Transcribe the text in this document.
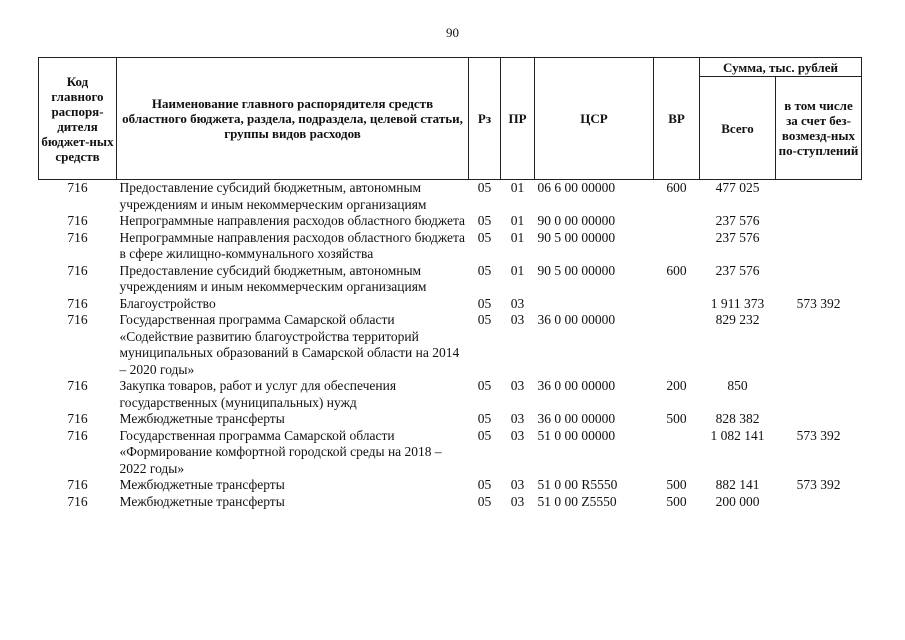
90
Код главного распоря-дителя бюджет-ных средств	Наименование главного распорядителя средств областного бюджета, раздела, подраздела, целевой статьи, группы видов расходов	Рз	ПР	ЦСР	ВР	Сумма, тыс. рублей	
						Всего	в том числе за счет без-возмезд-ных по-ступлений
716	Предоставление субсидий бюджетным, автономным учреждениям и иным некоммерческим организациям	05	01	06 6 00 00000	600	477 025	
716	Непрограммные направления расходов областного бюджета	05	01	90 0 00 00000		237 576	
716	Непрограммные направления расходов областного бюджета в сфере жилищно-коммунального хозяйства	05	01	90 5 00 00000		237 576	
716	Предоставление субсидий бюджетным, автономным учреждениям и иным некоммерческим организациям	05	01	90 5 00 00000	600	237 576	
716	Благоустройство	05	03			1 911 373	573 392
716	Государственная программа Самарской области «Содействие развитию благоустройства территорий муниципальных образований в Самарской области на 2014 – 2020 годы»	05	03	36 0 00 00000		829 232	
716	Закупка товаров, работ и услуг для обеспечения государственных (муниципальных) нужд	05	03	36 0 00 00000	200	850	
716	Межбюджетные трансферты	05	03	36 0 00 00000	500	828 382	
716	Государственная программа Самарской области «Формирование комфортной городской среды на 2018 – 2022 годы»	05	03	51 0 00 00000		1 082 141	573 392
716	Межбюджетные трансферты	05	03	51 0 00 R5550	500	882 141	573 392
716	Межбюджетные трансферты	05	03	51 0 00 Z5550	500	200 000	
